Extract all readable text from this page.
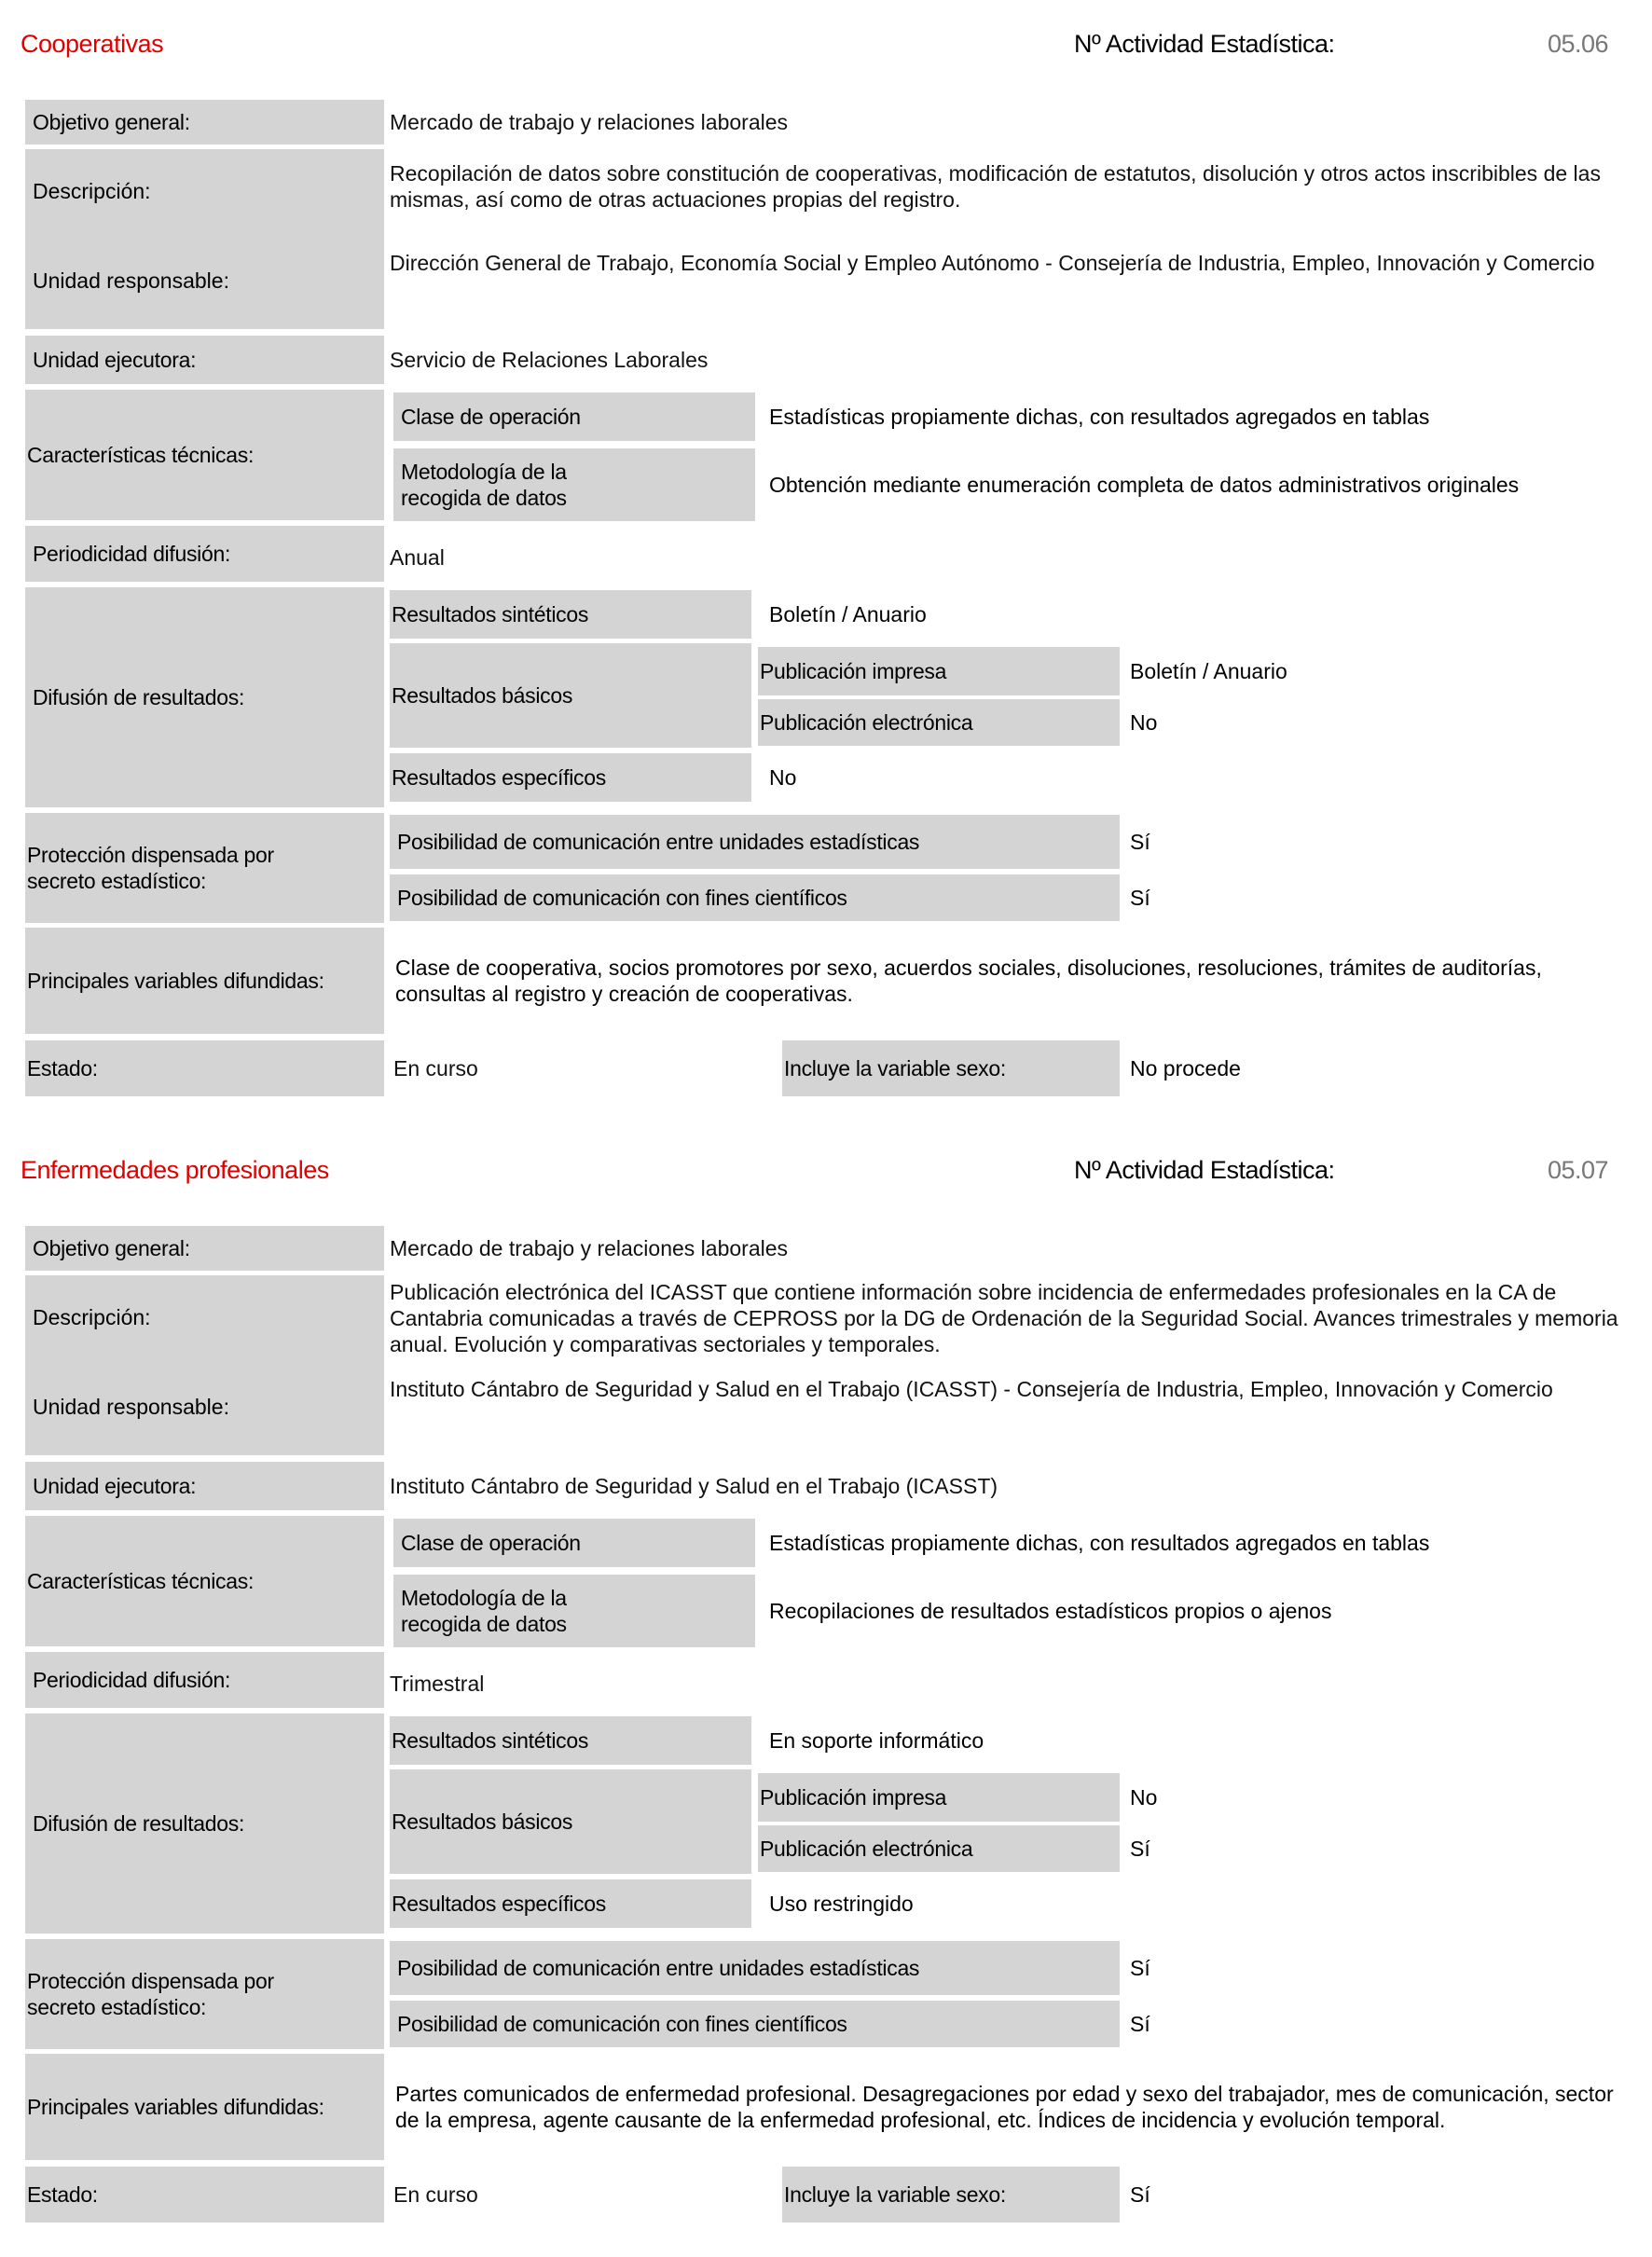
Cooperativas	Nº Actividad Estadística:	05.06
Objetivo general:	Mercado de trabajo y relaciones laborales
Descripción:
Recopilación de datos sobre constitución de cooperativas, modificación de estatutos, disolución y otros actos inscribibles de las mismas, así como de otras actuaciones propias del registro.
Unidad responsable:
Dirección General de Trabajo, Economía Social y Empleo Autónomo - Consejería de Industria, Empleo, Innovación y Comercio
Unidad ejecutora:	Servicio de Relaciones Laborales
Características técnicas:
Clase de operación	Estadísticas propiamente dichas, con resultados agregados en tablas
Metodología de la recogida de datos
Obtención mediante enumeración completa de datos administrativos originales
Periodicidad difusión:	Anual
Difusión de resultados:
Resultados sintéticos	Boletín / Anuario
Resultados básicos
Publicación impresa	Boletín / Anuario
Publicación electrónica	No
Resultados específicos	No
Protección dispensada por secreto estadístico:
Posibilidad de comunicación entre unidades estadísticas	Sí
Posibilidad de comunicación con fines científicos	Sí
Principales variables difundidas:
Clase de cooperativa, socios promotores por sexo, acuerdos sociales, disoluciones, resoluciones, trámites de auditorías, consultas al registro y creación de cooperativas.
Estado:	En curso	Incluye la variable sexo:	No procede
Enfermedades profesionales	Nº Actividad Estadística:	05.07
Objetivo general:	Mercado de trabajo y relaciones laborales
Descripción:
Publicación electrónica del ICASST que contiene información sobre incidencia de enfermedades profesionales en la CA de Cantabria comunicadas a través de CEPROSS por la DG de Ordenación de la Seguridad Social. Avances trimestrales y memoria anual. Evolución y comparativas sectoriales y temporales.
Unidad responsable:
Instituto Cántabro de Seguridad y Salud en el Trabajo (ICASST) - Consejería de Industria, Empleo, Innovación y Comercio
Unidad ejecutora:	Instituto Cántabro de Seguridad y Salud en el Trabajo (ICASST)
Características técnicas:
Clase de operación	Estadísticas propiamente dichas, con resultados agregados en tablas
Metodología de la recogida de datos
Recopilaciones de resultados estadísticos propios o ajenos
Periodicidad difusión:	Trimestral
Difusión de resultados:
Resultados sintéticos	En soporte informático
Resultados básicos
Publicación impresa	No
Publicación electrónica	Sí
Resultados específicos	Uso restringido
Protección dispensada por secreto estadístico:
Posibilidad de comunicación entre unidades estadísticas	Sí
Posibilidad de comunicación con fines científicos	Sí
Principales variables difundidas:
Partes comunicados de enfermedad profesional. Desagregaciones por edad y sexo del trabajador, mes de comunicación, sector de la empresa, agente causante de la enfermedad profesional, etc. Índices de incidencia y evolución temporal.
Estado:	En curso	Incluye la variable sexo:	Sí
